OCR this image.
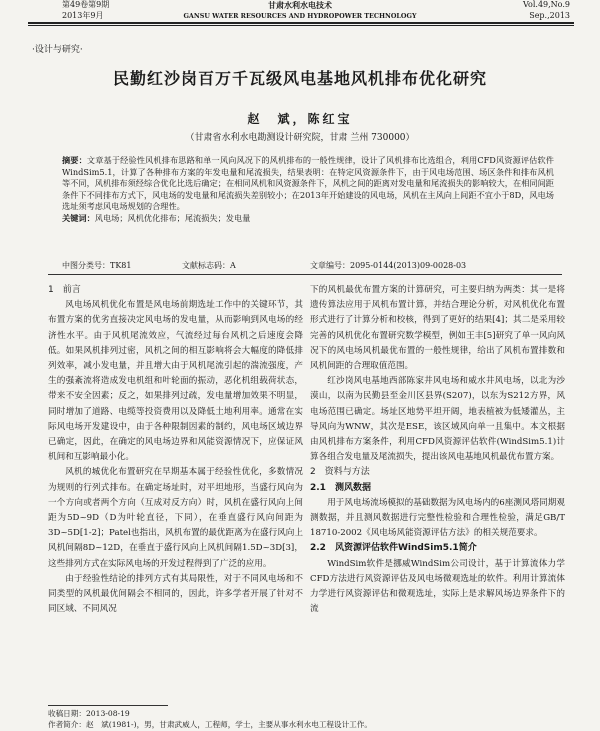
第49卷第9期
2013年9月
甘肃水利水电技术
GANSU WATER RESOURCES AND HYDROPOWER TECHNOLOGY
Vol.49,No.9
Sep.,2013
·设计与研究·
民勤红沙岗百万千瓦级风电基地风机排布优化研究
赵　斌，陈红宝
（甘肃省水利水电勘测设计研究院，甘肃 兰州 730000）
摘要：文章基于经验性风机排布思路和单一风向风况下的风机排布的一般性规律，设计了风机排布比选组合，利用CFD风资源评估软件WindSim5.1，计算了各种排布方案的年发电量和尾流损失，结果表明：在特定风资源条件下，由于风电场范围、场区条件和排布风机等不同，风机排布须经综合优化比选后确定；在相同风机和风资源条件下，风机之间的距离对发电量和尾流损失的影响较大，在相同间距条件下不同排布方式下，风电场的发电量和尾流损失差别较小；在2013年开始建设的风电场，风机在主风向上间距不宜小于8D，风电场选址须考虑风电场规划的合理性。
关键词：风电场；风机优化排布；尾流损失；发电量
中图分类号：TK81	文献标志码：A	文章编号：2095-0144(2013)09-0028-03

1　前言

风电场风机优化布置是风电场前期选址工作中的关键环节，其布置方案的优劣直接决定风电场的发电量，从而影响到风电场的经济性水平。由于风机尾流效应，气流经过每台风机之后速度会降低。如果风机排列过密，风机之间的相互影响将会大幅度的降低排列效率，减小发电量，并且增大由于风机尾流引起的湍流强度，产生的强紊流将造成发电机组和叶轮面的振动，恶化机组载荷状态，带来不安全因素；反之，如果排列过疏，发电量增加效果不明显，同时增加了道路、电缆等投资费用以及降低土地利用率。通常在实际风电场开发建设中，由于各种限制因素的制约，风电场区域边界已确定，因此，在确定的风电场边界和风能资源情况下，应保证风机间和互影响最小化。

风机的城优化布置研究在早期基本属于经验性优化，多数情况为规则的行列式排布。在确定场址时，对平坦地形，当盛行风向为一个方向或者两个方向（互成对反方向）时，风机在盛行风向上间距为5D~9D（D为叶轮直径，下同），在垂直盛行风向间距为3D~5D[1-2]；Patel也指出，风机布置的最优距离为在盛行风向上风机间隔8D~12D，在垂直于盛行风向上风机间隔1.5D~3D[3]，这些排列方式在实际风电场的开发过程得到了广泛的应用。

由于经验性结论的排列方式有其局限性，对于不同风电场和不同类型的风机最优间隔会不相同的，因此，许多学者开展了针对不同区域、不同风况

下的风机最优布置方案的计算研究，可主要归纳为两类：其一是将遗传算法应用于风机布置计算，并结合理论分析，对风机优化布置形式进行了计算分析和校核，得到了更好的结果[4]；其二是采用较完善的风机优化布置研究数学模型，例如王丰[5]研究了单一风向风况下的风电场风机最优布置的一般性规律，给出了风机布置排数和风机间距的合理取值范围。

红沙岗风电基地西部陈家井风电场和威水井风电场，以北为沙漠山，以南为民勤县至金川区县界(S207)，以东为S212方界，风电场范围已确定。场址区地势平坦开阔，地表植被为低矮灌丛，主导风向为WNW，其次是ESE，该区域风向单一且集中。本文根据由风机排布方案条件，利用CFD风资源评估软件(WindSim5.1)计算各组合发电量及尾流损失，提出该风电基地风机最优布置方案。

2　资料与方法

2.1　测风数据

用于风电场流场模拟的基础数据为风电场内的6座测风塔同期观测数据，并且测风数据进行完整性检验和合理性检验，满足GB/T 18710-2002《风电场风能资源评估方法》的相关规范要求。

2.2　风资源评估软件WindSim5.1简介

WindSim软件是挪威WindSim公司设计，基于计算流体力学CFD方法进行风资源评估及风电场微观选址的软件。利用计算流体力学进行风资源评估和微观选址，实际上是求解风场边界条件下的流

收稿日期：2013-08-19
作者简介：赵　斌(1981-)，男，甘肃武威人，工程师，学士，主要从事水利水电工程设计工作。
